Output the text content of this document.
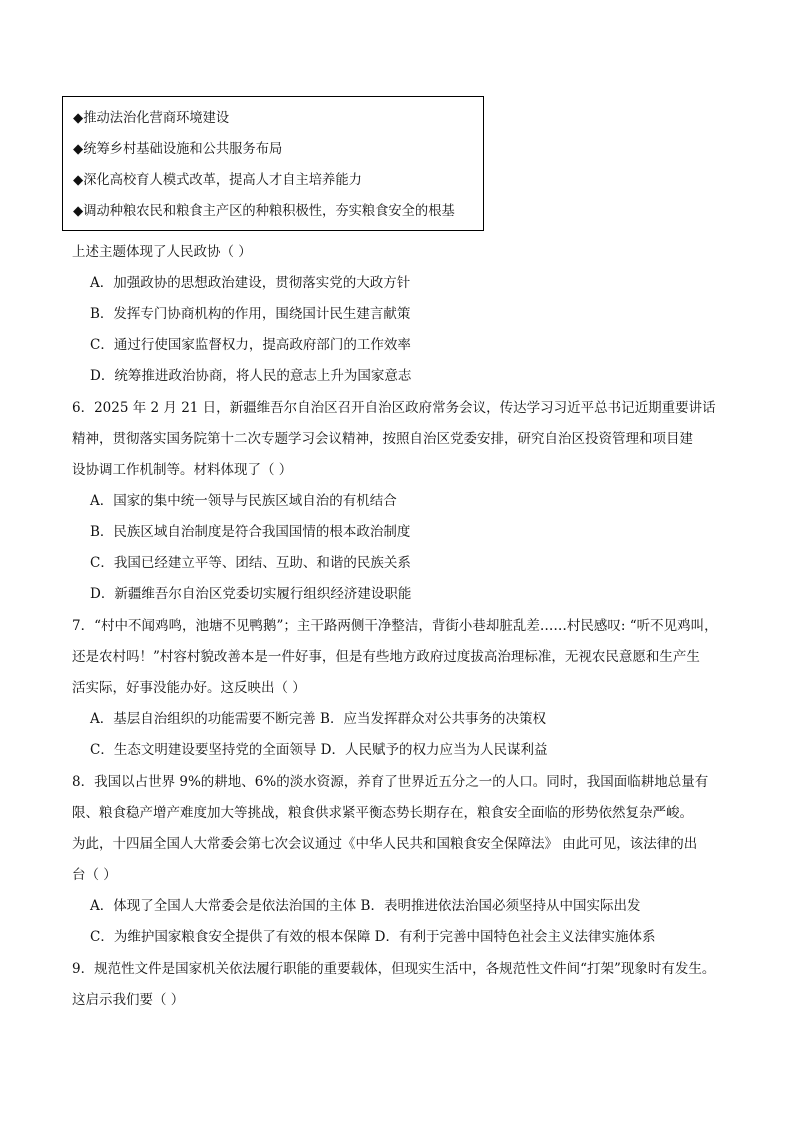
◆推动法治化营商环境建设
◆统筹乡村基础设施和公共服务布局
◆深化高校育人模式改革，提高人才自主培养能力
◆调动种粮农民和粮食主产区的种粮积极性，夯实粮食安全的根基
上述主题体现了人民政协（ ）
A．加强政协的思想政治建设，贯彻落实党的大政方针
B．发挥专门协商机构的作用，围绕国计民生建言献策
C．通过行使国家监督权力，提高政府部门的工作效率
D．统筹推进政治协商，将人民的意志上升为国家意志
6．2025 年 2 月 21 日，新疆维吾尔自治区召开自治区政府常务会议，传达学习习近平总书记近期重要讲话
精神，贯彻落实国务院第十二次专题学习会议精神，按照自治区党委安排，研究自治区投资管理和项目建
设协调工作机制等。材料体现了（ ）
A．国家的集中统一领导与民族区域自治的有机结合
B．民族区域自治制度是符合我国国情的根本政治制度
C．我国已经建立平等、团结、互助、和谐的民族关系
D．新疆维吾尔自治区党委切实履行组织经济建设职能
7．“村中不闻鸡鸣，池塘不见鸭鹅”；主干路两侧干净整洁，背街小巷却脏乱差……村民感叹: “听不见鸡叫，
还是农村吗！”村容村貌改善本是一件好事，但是有些地方政府过度拔高治理标准，无视农民意愿和生产生
活实际，好事没能办好。这反映出（ ）
A．基层自治组织的功能需要不断完善 B．应当发挥群众对公共事务的决策权
C．生态文明建设要坚持党的全面领导 D．人民赋予的权力应当为人民谋利益
8．我国以占世界 9%的耕地、6%的淡水资源，养育了世界近五分之一的人口。同时，我国面临耕地总量有
限、粮食稳产增产难度加大等挑战，粮食供求紧平衡态势长期存在，粮食安全面临的形势依然复杂严峻。
为此，十四届全国人大常委会第七次会议通过《中华人民共和国粮食安全保障法》 由此可见，该法律的出
台（ ）
A．体现了全国人大常委会是依法治国的主体 B．表明推进依法治国必须坚持从中国实际出发
C．为维护国家粮食安全提供了有效的根本保障 D．有利于完善中国特色社会主义法律实施体系
9．规范性文件是国家机关依法履行职能的重要载体，但现实生活中，各规范性文件间“打架”现象时有发生。
这启示我们要（ ）
